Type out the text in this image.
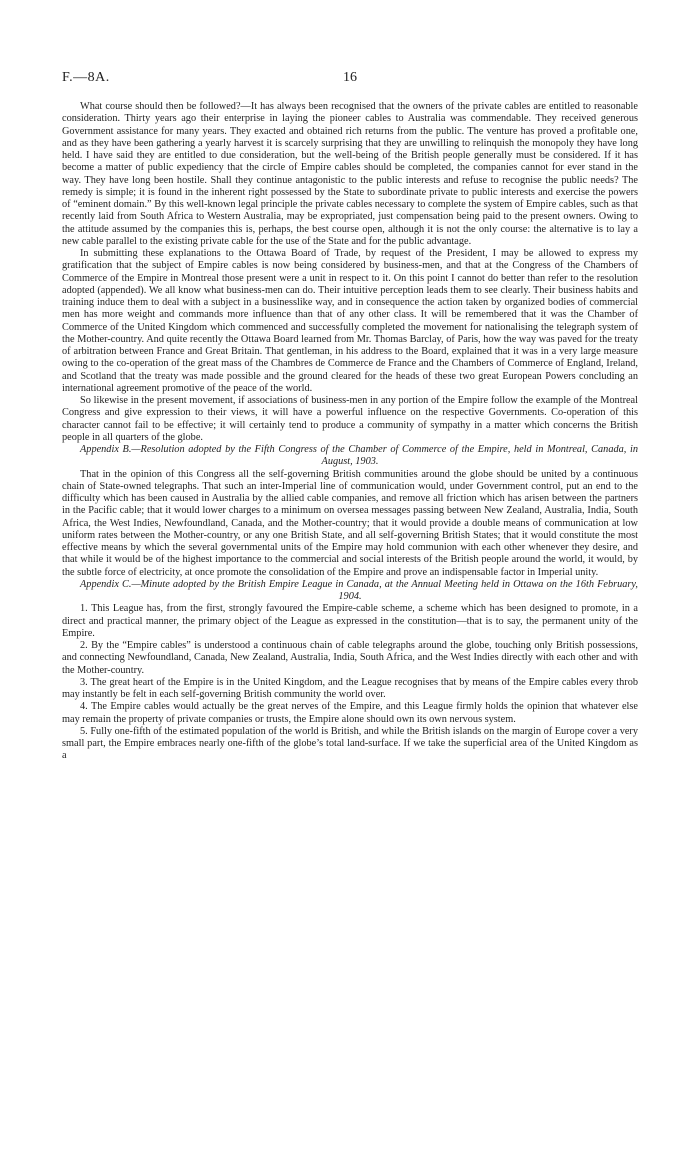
F.—8A.	16

What course should then be followed?—It has always been recognised that the owners of the private cables are entitled to reasonable consideration. Thirty years ago their enterprise in laying the pioneer cables to Australia was commendable. They received generous Government assistance for many years. They exacted and obtained rich returns from the public. The venture has proved a profitable one, and as they have been gathering a yearly harvest it is scarcely surprising that they are unwilling to relinquish the monopoly they have long held. I have said they are entitled to due consideration, but the well-being of the British people generally must be considered. If it has become a matter of public expediency that the circle of Empire cables should be completed, the companies cannot for ever stand in the way. They have long been hostile. Shall they continue antagonistic to the public interests and refuse to recognise the public needs? The remedy is simple; it is found in the inherent right possessed by the State to subordinate private to public interests and exercise the powers of “eminent domain.” By this well-known legal principle the private cables necessary to complete the system of Empire cables, such as that recently laid from South Africa to Western Australia, may be expropriated, just compensation being paid to the present owners. Owing to the attitude assumed by the companies this is, perhaps, the best course open, although it is not the only course: the alternative is to lay a new cable parallel to the existing private cable for the use of the State and for the public advantage.

In submitting these explanations to the Ottawa Board of Trade, by request of the President, I may be allowed to express my gratification that the subject of Empire cables is now being considered by business-men, and that at the Congress of the Chambers of Commerce of the Empire in Montreal those present were a unit in respect to it. On this point I cannot do better than refer to the resolution adopted (appended). We all know what business-men can do. Their intuitive perception leads them to see clearly. Their business habits and training induce them to deal with a subject in a businesslike way, and in consequence the action taken by organized bodies of commercial men has more weight and commands more influence than that of any other class. It will be remembered that it was the Chamber of Commerce of the United Kingdom which commenced and successfully completed the movement for nationalising the telegraph system of the Mother-country. And quite recently the Ottawa Board learned from Mr. Thomas Barclay, of Paris, how the way was paved for the treaty of arbitration between France and Great Britain. That gentleman, in his address to the Board, explained that it was in a very large measure owing to the co-operation of the great mass of the Chambres de Commerce de France and the Chambers of Commerce of England, Ireland, and Scotland that the treaty was made possible and the ground cleared for the heads of these two great European Powers concluding an international agreement promotive of the peace of the world.

So likewise in the present movement, if associations of business-men in any portion of the Empire follow the example of the Montreal Congress and give expression to their views, it will have a powerful influence on the respective Governments. Co-operation of this character cannot fail to be effective; it will certainly tend to produce a community of sympathy in a matter which concerns the British people in all quarters of the globe.

Appendix B.—Resolution adopted by the Fifth Congress of the Chamber of Commerce of the Empire, held in Montreal, Canada, in August, 1903.

That in the opinion of this Congress all the self-governing British communities around the globe should be united by a continuous chain of State-owned telegraphs. That such an inter-Imperial line of communication would, under Government control, put an end to the difficulty which has been caused in Australia by the allied cable companies, and remove all friction which has arisen between the partners in the Pacific cable; that it would lower charges to a minimum on oversea messages passing between New Zealand, Australia, India, South Africa, the West Indies, Newfoundland, Canada, and the Mother-country; that it would provide a double means of communication at low uniform rates between the Mother-country, or any one British State, and all self-governing British States; that it would constitute the most effective means by which the several governmental units of the Empire may hold communion with each other whenever they desire, and that while it would be of the highest importance to the commercial and social interests of the British people around the world, it would, by the subtle force of electricity, at once promote the consolidation of the Empire and prove an indispensable factor in Imperial unity.

Appendix C.—Minute adopted by the British Empire League in Canada, at the Annual Meeting held in Ottawa on the 16th February, 1904.

1. This League has, from the first, strongly favoured the Empire-cable scheme, a scheme which has been designed to promote, in a direct and practical manner, the primary object of the League as expressed in the constitution—that is to say, the permanent unity of the Empire.

2. By the “Empire cables” is understood a continuous chain of cable telegraphs around the globe, touching only British possessions, and connecting Newfoundland, Canada, New Zealand, Australia, India, South Africa, and the West Indies directly with each other and with the Mother-country.

3. The great heart of the Empire is in the United Kingdom, and the League recognises that by means of the Empire cables every throb may instantly be felt in each self-governing British community the world over.

4. The Empire cables would actually be the great nerves of the Empire, and this League firmly holds the opinion that whatever else may remain the property of private companies or trusts, the Empire alone should own its own nervous system.

5. Fully one-fifth of the estimated population of the world is British, and while the British islands on the margin of Europe cover a very small part, the Empire embraces nearly one-fifth of the globe’s total land-surface. If we take the superficial area of the United Kingdom as a
